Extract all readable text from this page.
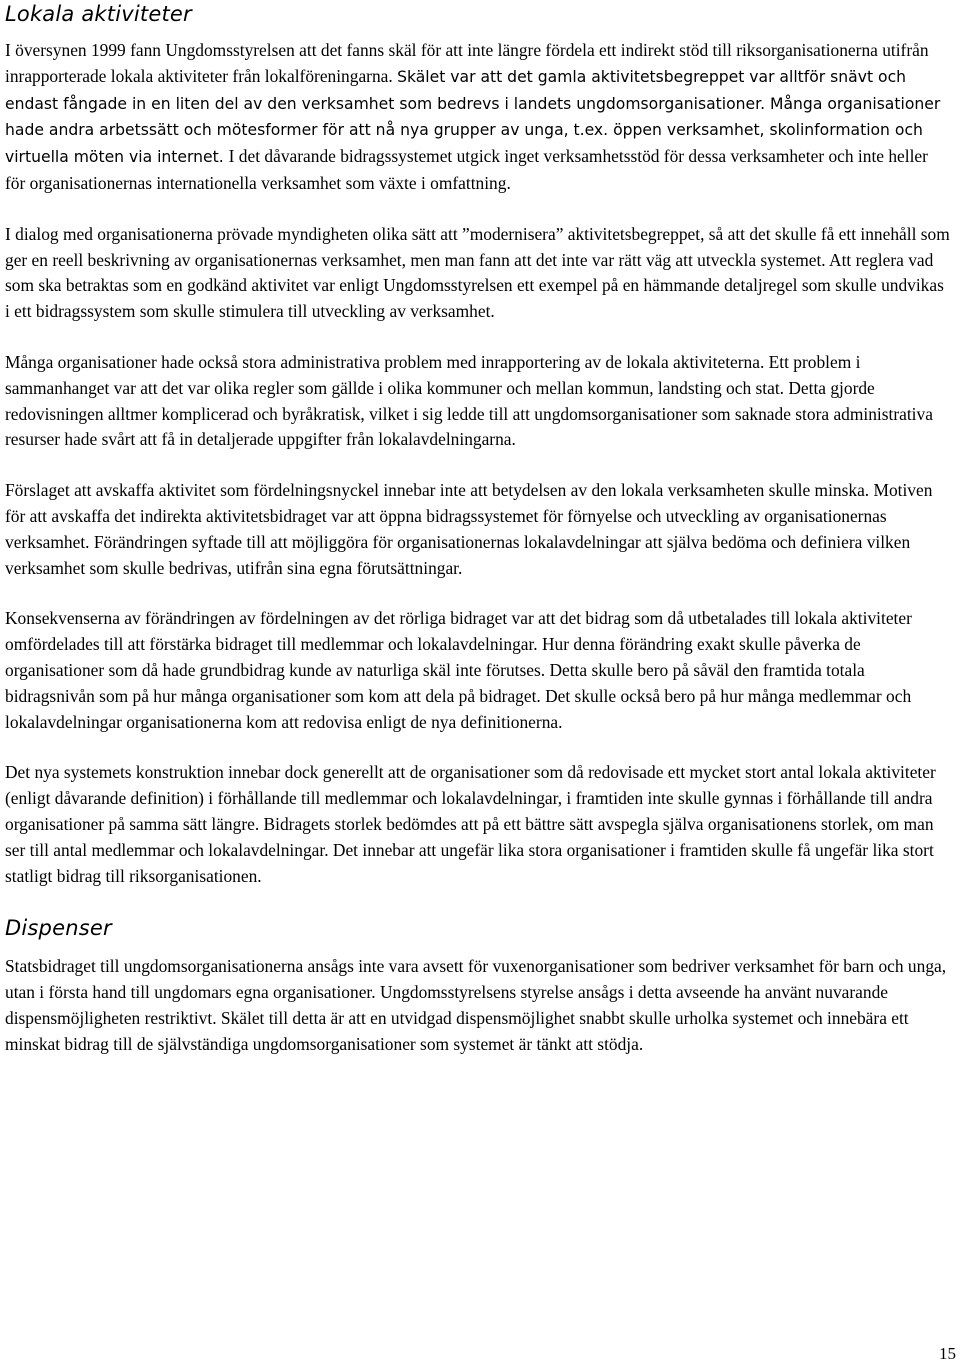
Lokala aktiviteter

I översynen 1999 fann Ungdomsstyrelsen att det fanns skäl för att inte längre fördela ett indirekt stöd till riksorganisationerna utifrån inrapporterade lokala aktiviteter från lokalföreningarna. Skälet var att det gamla aktivitetsbegreppet var alltför snävt och endast fångade in en liten del av den verksamhet som bedrevs i landets ungdomsorganisationer. Många organisationer hade andra arbetssätt och mötesformer för att nå nya grupper av unga, t.ex. öppen verksamhet, skolinformation och virtuella möten via internet. I det dåvarande bidragssystemet utgick inget verksamhetsstöd för dessa verksamheter och inte heller för organisationernas internationella verksamhet som växte i omfattning.

I dialog med organisationerna prövade myndigheten olika sätt att ”modernisera” aktivitetsbegreppet, så att det skulle få ett innehåll som ger en reell beskrivning av organisationernas verksamhet, men man fann att det inte var rätt väg att utveckla systemet. Att reglera vad som ska betraktas som en godkänd aktivitet var enligt Ungdomsstyrelsen ett exempel på en hämmande detaljregel som skulle undvikas i ett bidragssystem som skulle stimulera till utveckling av verksamhet.

Många organisationer hade också stora administrativa problem med inrapportering av de lokala aktiviteterna. Ett problem i sammanhanget var att det var olika regler som gällde i olika kommuner och mellan kommun, landsting och stat. Detta gjorde redovisningen alltmer komplicerad och byråkratisk, vilket i sig ledde till att ungdomsorganisationer som saknade stora administrativa resurser hade svårt att få in detaljerade uppgifter från lokalavdelningarna.

Förslaget att avskaffa aktivitet som fördelningsnyckel innebar inte att betydelsen av den lokala verksamheten skulle minska. Motiven för att avskaffa det indirekta aktivitetsbidraget var att öppna bidragssystemet för förnyelse och utveckling av organisationernas verksamhet. Förändringen syftade till att möjliggöra för organisationernas lokalavdelningar att själva bedöma och definiera vilken verksamhet som skulle bedrivas, utifrån sina egna förutsättningar.

Konsekvenserna av förändringen av fördelningen av det rörliga bidraget var att det bidrag som då utbetalades till lokala aktiviteter omfördelades till att förstärka bidraget till medlemmar och lokalavdelningar. Hur denna förändring exakt skulle påverka de organisationer som då hade grundbidrag kunde av naturliga skäl inte förutses. Detta skulle bero på såväl den framtida totala bidragsnivån som på hur många organisationer som kom att dela på bidraget. Det skulle också bero på hur många medlemmar och lokalavdelningar organisationerna kom att redovisa enligt de nya definitionerna.

Det nya systemets konstruktion innebar dock generellt att de organisationer som då redovisade ett mycket stort antal lokala aktiviteter (enligt dåvarande definition) i förhållande till medlemmar och lokalavdelningar, i framtiden inte skulle gynnas i förhållande till andra organisationer på samma sätt längre. Bidragets storlek bedömdes att på ett bättre sätt avspegla själva organisationens storlek, om man ser till antal medlemmar och lokalavdelningar. Det innebar att ungefär lika stora organisationer i framtiden skulle få ungefär lika stort statligt bidrag till riksorganisationen.

Dispenser

Statsbidraget till ungdomsorganisationerna ansågs inte vara avsett för vuxenorganisationer som bedriver verksamhet för barn och unga, utan i första hand till ungdomars egna organisationer. Ungdomsstyrelsens styrelse ansågs i detta avseende ha använt nuvarande dispensmöjligheten restriktivt. Skälet till detta är att en utvidgad dispensmöjlighet snabbt skulle urholka systemet och innebära ett minskat bidrag till de självständiga ungdomsorganisationer som systemet är tänkt att stödja.

15
